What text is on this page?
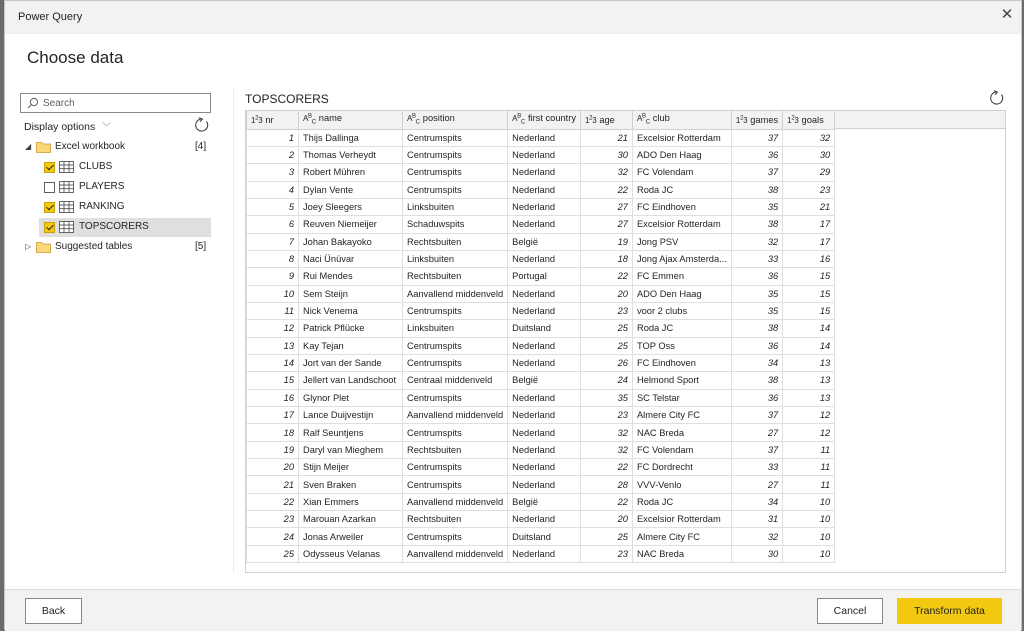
Power Query	✕
Choose data
Search
Display options ﹀
◢	Excel workbook	[4]
CLUBS
PLAYERS
RANKING
TOPSCORERS
▷	Suggested tables	[5]
TOPSCORERS
$1^23$ nr	$A^B_C$ name	$A^B_C$ position	$A^B_C$ first country	$1^23$ age	$A^B_C$ club	$1^23$ games	$1^23$ goals
1	Thijs Dallinga	Centrumspits	Nederland	21	Excelsior Rotterdam	37	32
2	Thomas Verheydt	Centrumspits	Nederland	30	ADO Den Haag	36	30
3	Robert Mühren	Centrumspits	Nederland	32	FC Volendam	37	29
4	Dylan Vente	Centrumspits	Nederland	22	Roda JC	38	23
5	Joey Sleegers	Linksbuiten	Nederland	27	FC Eindhoven	35	21
6	Reuven Niemeijer	Schaduwspits	Nederland	27	Excelsior Rotterdam	38	17
7	Johan Bakayoko	Rechtsbuiten	België	19	Jong PSV	32	17
8	Naci Ünüvar	Linksbuiten	Nederland	18	Jong Ajax Amsterda...	33	16
9	Rui Mendes	Rechtsbuiten	Portugal	22	FC Emmen	36	15
10	Sem Steijn	Aanvallend middenveld	Nederland	20	ADO Den Haag	35	15
11	Nick Venema	Centrumspits	Nederland	23	voor 2 clubs	35	15
12	Patrick Pflücke	Linksbuiten	Duitsland	25	Roda JC	38	14
13	Kay Tejan	Centrumspits	Nederland	25	TOP Oss	36	14
14	Jort van der Sande	Centrumspits	Nederland	26	FC Eindhoven	34	13
15	Jellert van Landschoot	Centraal middenveld	België	24	Helmond Sport	38	13
16	Glynor Plet	Centrumspits	Nederland	35	SC Telstar	36	13
17	Lance Duijvestijn	Aanvallend middenveld	Nederland	23	Almere City FC	37	12
18	Ralf Seuntjens	Centrumspits	Nederland	32	NAC Breda	27	12
19	Daryl van Mieghem	Rechtsbuiten	Nederland	32	FC Volendam	37	11
20	Stijn Meijer	Centrumspits	Nederland	22	FC Dordrecht	33	11
21	Sven Braken	Centrumspits	Nederland	28	VVV-Venlo	27	11
22	Xian Emmers	Aanvallend middenveld	België	22	Roda JC	34	10
23	Marouan Azarkan	Rechtsbuiten	Nederland	20	Excelsior Rotterdam	31	10
24	Jonas Arweiler	Centrumspits	Duitsland	25	Almere City FC	32	10
25	Odysseus Velanas	Aanvallend middenveld	Nederland	23	NAC Breda	30	10
Back	Cancel	Transform data
